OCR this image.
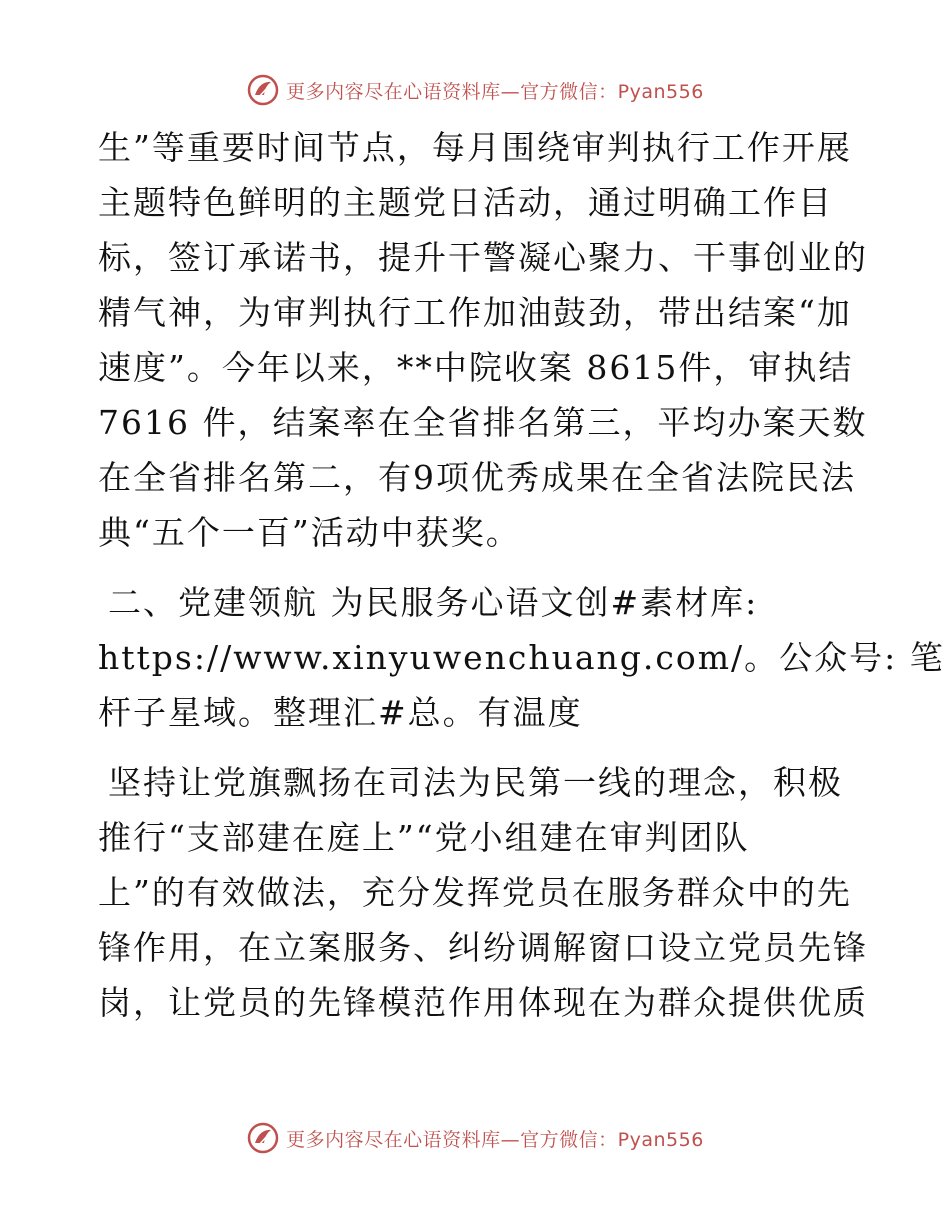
更多内容尽在心语资料库—官方微信：Pyan556
生”等重要时间节点，每月围绕审判执行工作开展
主题特色鲜明的主题党日活动，通过明确工作目
标，签订承诺书，提升干警凝心聚力、干事创业的
精气神，为审判执行工作加油鼓劲，带出结案“加
速度”。今年以来，**中院收案 8615件，审执结
7616 件，结案率在全省排名第三，平均办案天数
在全省排名第二，有9项优秀成果在全省法院民法
典“五个一百”活动中获奖。
二、党建领航 为民服务心语文创#素材库:
https://www.xinyuwenchuang.com/。公众号: 笔
杆子星域。整理汇#总。有温度
坚持让党旗飘扬在司法为民第一线的理念，积极
推行“支部建在庭上”“党小组建在审判团队
上”的有效做法，充分发挥党员在服务群众中的先
锋作用，在立案服务、纠纷调解窗口设立党员先锋
岗，让党员的先锋模范作用体现在为群众提供优质
更多内容尽在心语资料库—官方微信：Pyan556
